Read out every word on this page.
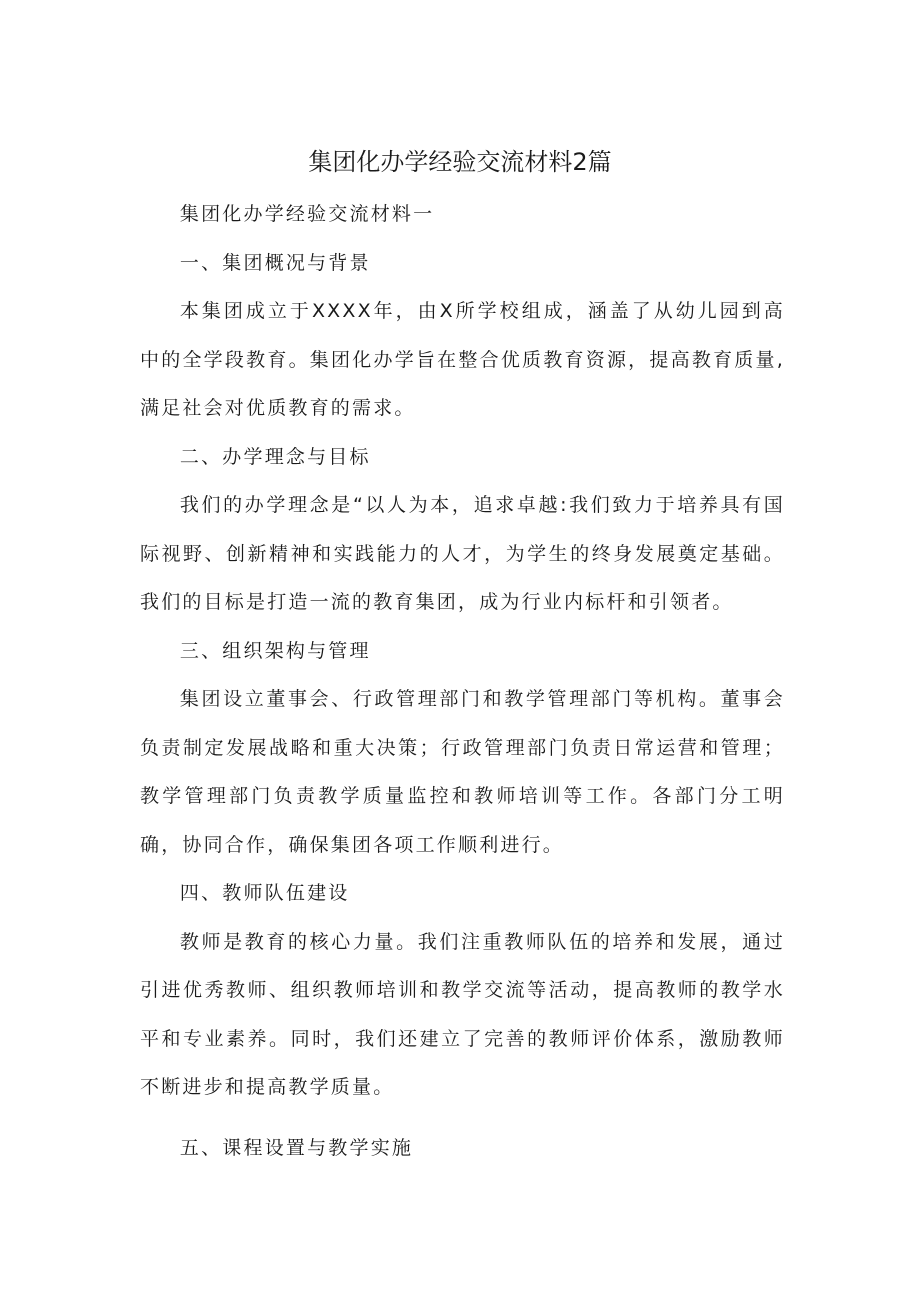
集团化办学经验交流材料2篇

集团化办学经验交流材料一

一、集团概况与背景

本集团成立于XXXX年，由X所学校组成，涵盖了从幼儿园到高中的全学段教育。集团化办学旨在整合优质教育资源，提高教育质量,满足社会对优质教育的需求。

二、办学理念与目标

我们的办学理念是“以人为本，追求卓越:我们致力于培养具有国际视野、创新精神和实践能力的人才，为学生的终身发展奠定基础。我们的目标是打造一流的教育集团，成为行业内标杆和引领者。

三、组织架构与管理

集团设立董事会、行政管理部门和教学管理部门等机构。董事会负责制定发展战略和重大决策；行政管理部门负责日常运营和管理；教学管理部门负责教学质量监控和教师培训等工作。各部门分工明确，协同合作，确保集团各项工作顺利进行。

四、教师队伍建设

教师是教育的核心力量。我们注重教师队伍的培养和发展，通过引进优秀教师、组织教师培训和教学交流等活动，提高教师的教学水平和专业素养。同时，我们还建立了完善的教师评价体系，激励教师不断进步和提高教学质量。

五、课程设置与教学实施
